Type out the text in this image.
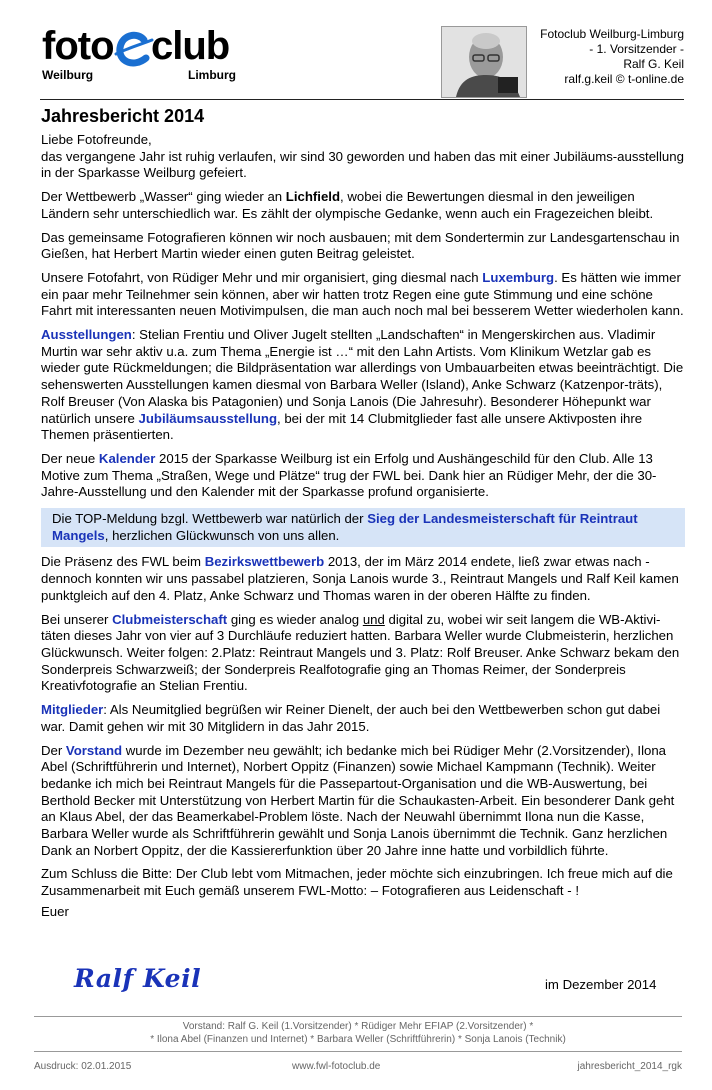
foto club
Weilburg	Limburg
Fotoclub Weilburg-Limburg
- 1. Vorsitzender -
Ralf G. Keil
ralf.g.keil © t-online.de
Jahresbericht 2014

Liebe Fotofreunde,

das vergangene Jahr ist ruhig verlaufen, wir sind 30 geworden und haben das mit einer Jubiläums-ausstellung in der Sparkasse Weilburg gefeiert.

Der Wettbewerb „Wasser“ ging wieder an Lichfield, wobei die Bewertungen diesmal in den jeweiligen Ländern sehr unterschiedlich war. Es zählt der olympische Gedanke, wenn auch ein Fragezeichen bleibt.

Das gemeinsame Fotografieren können wir noch ausbauen; mit dem Sondertermin zur Landesgartenschau in Gießen, hat Herbert Martin wieder einen guten Beitrag geleistet.

Unsere Fotofahrt, von Rüdiger Mehr und mir organisiert, ging diesmal nach Luxemburg. Es hätten wie immer ein paar mehr Teilnehmer sein können, aber wir hatten trotz Regen eine gute Stimmung und eine schöne Fahrt mit interessanten neuen Motivimpulsen, die man auch noch mal bei besserem Wetter wiederholen kann.

Ausstellungen: Stelian Frentiu und Oliver Jugelt stellten „Landschaften“ in Mengerskirchen aus. Vladimir Murtin war sehr aktiv u.a. zum Thema „Energie ist …“ mit den Lahn Artists. Vom Klinikum Wetzlar gab es wieder gute Rückmeldungen; die Bildpräsentation war allerdings von Umbauarbeiten etwas beeinträchtigt. Die sehenswerten Ausstellungen kamen diesmal von Barbara Weller (Island), Anke Schwarz (Katzenpor-träts), Rolf Breuser (Von Alaska bis Patagonien) und Sonja Lanois (Die Jahresuhr). Besonderer Höhepunkt war natürlich unsere Jubiläumsausstellung, bei der mit 14 Clubmitglieder fast alle unsere Aktivposten ihre Themen präsentierten.

Der neue Kalender 2015 der Sparkasse Weilburg ist ein Erfolg und Aushängeschild für den Club. Alle 13 Motive zum Thema „Straßen, Wege und Plätze“ trug der FWL bei. Dank hier an Rüdiger Mehr, der die 30-Jahre-Ausstellung und den Kalender mit der Sparkasse profund organisierte.

Die TOP-Meldung bzgl. Wettbewerb war natürlich der Sieg der Landesmeisterschaft für Reintraut Mangels, herzlichen Glückwunsch von uns allen.

Die Präsenz des FWL beim Bezirkswettbewerb 2013, der im März 2014 endete, ließ zwar etwas nach - dennoch konnten wir uns passabel platzieren, Sonja Lanois wurde 3., Reintraut Mangels und Ralf Keil kamen punktgleich auf den 4. Platz, Anke Schwarz und Thomas waren in der oberen Hälfte zu finden.

Bei unserer Clubmeisterschaft ging es wieder analog und digital zu, wobei wir seit langem die WB-Aktivi-täten dieses Jahr von vier auf 3 Durchläufe reduziert hatten. Barbara Weller wurde Clubmeisterin, herzlichen Glückwunsch. Weiter folgen: 2.Platz: Reintraut Mangels und 3. Platz: Rolf Breuser. Anke Schwarz bekam den Sonderpreis Schwarzweiß; der Sonderpreis Realfotografie ging an Thomas Reimer, der Sonderpreis Kreativfotografie an Stelian Frentiu.

Mitglieder: Als Neumitglied begrüßen wir Reiner Dienelt, der auch bei den Wettbewerben schon gut dabei war. Damit gehen wir mit 30 Mitglidern in das Jahr 2015.

Der Vorstand wurde im Dezember neu gewählt; ich bedanke mich bei Rüdiger Mehr (2.Vorsitzender), Ilona Abel (Schriftführerin und Internet), Norbert Oppitz (Finanzen) sowie Michael Kampmann (Technik). Weiter bedanke ich mich bei Reintraut Mangels für die Passepartout-Organisation und die WB-Auswertung, bei Berthold Becker mit Unterstützung von Herbert Martin für die Schaukasten-Arbeit. Ein besonderer Dank geht an Klaus Abel, der das Beamerkabel-Problem löste. Nach der Neuwahl übernimmt Ilona nun die Kasse, Barbara Weller wurde als Schriftführerin gewählt und Sonja Lanois übernimmt die Technik. Ganz herzlichen Dank an Norbert Oppitz, der die Kassiererfunktion über 20 Jahre inne hatte und vorbildlich führte.

Zum Schluss die Bitte: Der Club lebt vom Mitmachen, jeder möchte sich einzubringen. Ich freue mich auf die Zusammenarbeit mit Euch gemäß unserem FWL-Motto: – Fotografieren aus Leidenschaft - !

Euer

Ralf Keil	im Dezember 2014
Vorstand: Ralf G. Keil (1.Vorsitzender) * Rüdiger Mehr EFIAP (2.Vorsitzender) *
* Ilona Abel (Finanzen und Internet) * Barbara Weller (Schriftführerin) * Sonja Lanois (Technik)
Ausdruck: 02.01.2015	www.fwl-fotoclub.de	jahresbericht_2014_rgk
